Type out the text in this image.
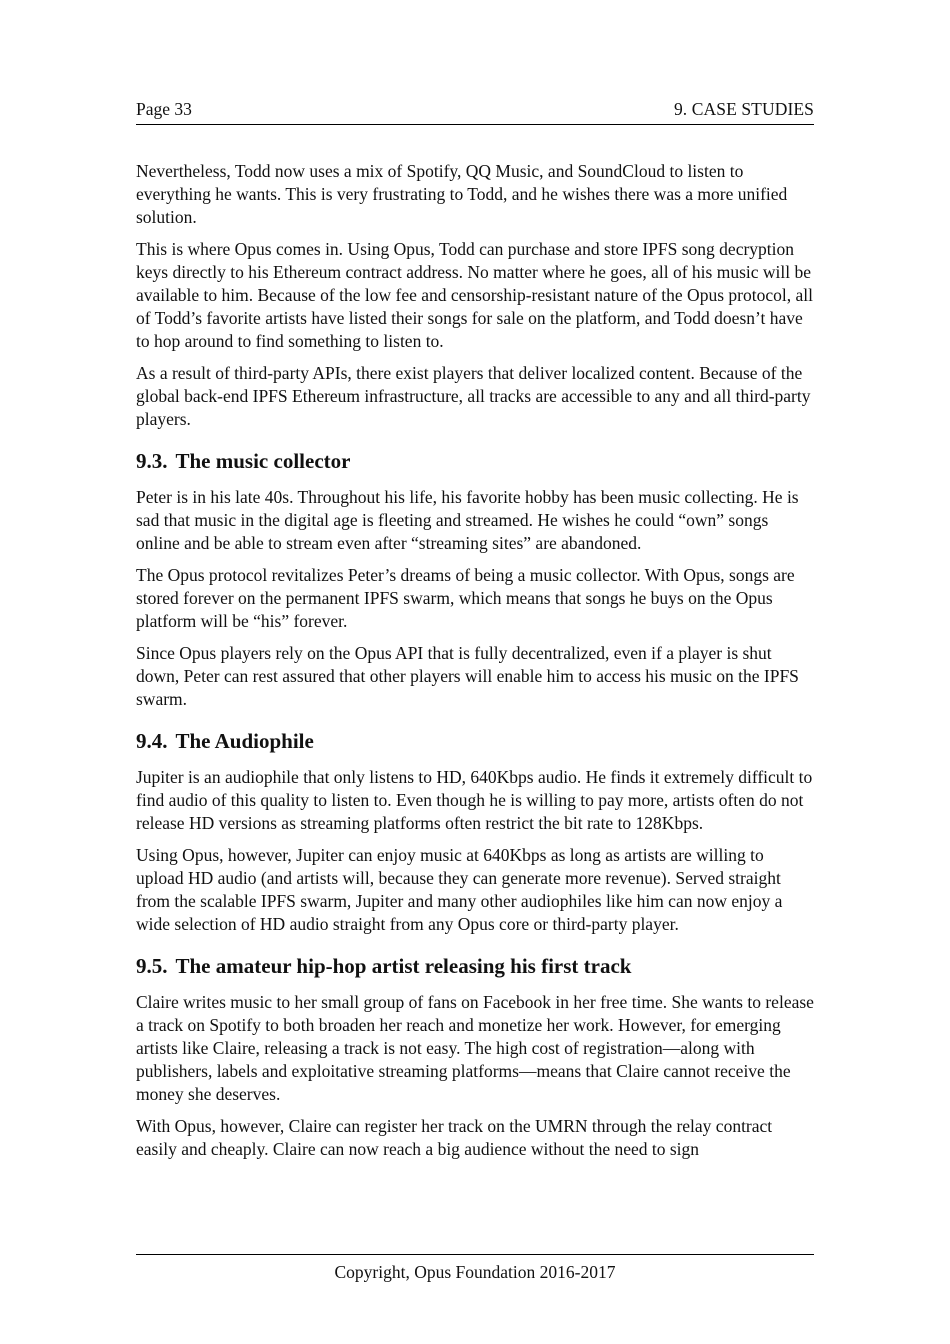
Page 33	9. CASE STUDIES

Nevertheless, Todd now uses a mix of Spotify, QQ Music, and SoundCloud to listen to everything he wants. This is very frustrating to Todd, and he wishes there was a more unified solution.

This is where Opus comes in. Using Opus, Todd can purchase and store IPFS song decryption keys directly to his Ethereum contract address. No matter where he goes, all of his music will be available to him. Because of the low fee and censorship-resistant nature of the Opus protocol, all of Todd’s favorite artists have listed their songs for sale on the platform, and Todd doesn’t have to hop around to find something to listen to.

As a result of third-party APIs, there exist players that deliver localized content. Because of the global back-end IPFS Ethereum infrastructure, all tracks are accessible to any and all third-party players.

9.3. The music collector

Peter is in his late 40s. Throughout his life, his favorite hobby has been music collecting. He is sad that music in the digital age is fleeting and streamed. He wishes he could “own” songs online and be able to stream even after “streaming sites” are abandoned.

The Opus protocol revitalizes Peter’s dreams of being a music collector. With Opus, songs are stored forever on the permanent IPFS swarm, which means that songs he buys on the Opus platform will be “his” forever.

Since Opus players rely on the Opus API that is fully decentralized, even if a player is shut down, Peter can rest assured that other players will enable him to access his music on the IPFS swarm.

9.4. The Audiophile

Jupiter is an audiophile that only listens to HD, 640Kbps audio. He finds it extremely difficult to find audio of this quality to listen to. Even though he is willing to pay more, artists often do not release HD versions as streaming platforms often restrict the bit rate to 128Kbps.

Using Opus, however, Jupiter can enjoy music at 640Kbps as long as artists are willing to upload HD audio (and artists will, because they can generate more revenue). Served straight from the scalable IPFS swarm, Jupiter and many other audiophiles like him can now enjoy a wide selection of HD audio straight from any Opus core or third-party player.

9.5. The amateur hip-hop artist releasing his first track

Claire writes music to her small group of fans on Facebook in her free time. She wants to release a track on Spotify to both broaden her reach and monetize her work. However, for emerging artists like Claire, releasing a track is not easy. The high cost of registration—along with publishers, labels and exploitative streaming platforms—means that Claire cannot receive the money she deserves.

With Opus, however, Claire can register her track on the UMRN through the relay contract easily and cheaply. Claire can now reach a big audience without the need to sign

Copyright, Opus Foundation 2016-2017
